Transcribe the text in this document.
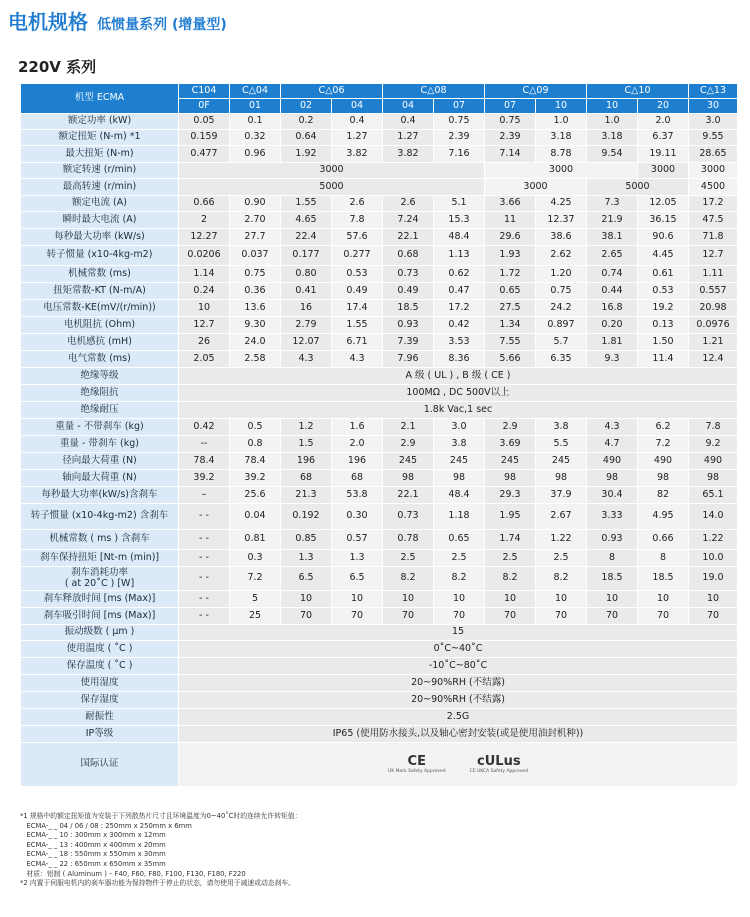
电机规格 低惯量系列 (增量型)
220V 系列
机型 ECMA	C104	C△04	C△06		C△08		C△09		C△10		C△13
	0F	01	02	04	04	07	07	10	10	20	30
额定功率 (kW)	0.05	0.1	0.2	0.4	0.4	0.75	0.75	1.0	1.0	2.0	3.0
额定扭矩 (N-m) *1	0.159	0.32	0.64	1.27	1.27	2.39	2.39	3.18	3.18	6.37	9.55
最大扭矩 (N-m)	0.477	0.96	1.92	3.82	3.82	7.16	7.14	8.78	9.54	19.11	28.65
额定转速 (r/min)	3000						3000			3000	3000
最高转速 (r/min)	5000						3000		5000		4500
额定电流 (A)	0.66	0.90	1.55	2.6	2.6	5.1	3.66	4.25	7.3	12.05	17.2
瞬时最大电流 (A)	2	2.70	4.65	7.8	7.24	15.3	11	12.37	21.9	36.15	47.5
每秒最大功率 (kW/s)	12.27	27.7	22.4	57.6	22.1	48.4	29.6	38.6	38.1	90.6	71.8
转子惯量 (x10-4kg-m2)	0.0206	0.037	0.177	0.277	0.68	1.13	1.93	2.62	2.65	4.45	12.7
机械常数 (ms)	1.14	0.75	0.80	0.53	0.73	0.62	1.72	1.20	0.74	0.61	1.11
扭矩常数-KT (N-m/A)	0.24	0.36	0.41	0.49	0.49	0.47	0.65	0.75	0.44	0.53	0.557
电压常数-KE(mV/(r/min))	10	13.6	16	17.4	18.5	17.2	27.5	24.2	16.8	19.2	20.98
电机阻抗 (Ohm)	12.7	9.30	2.79	1.55	0.93	0.42	1.34	0.897	0.20	0.13	0.0976
电机感抗 (mH)	26	24.0	12.07	6.71	7.39	3.53	7.55	5.7	1.81	1.50	1.21
电气常数 (ms)	2.05	2.58	4.3	4.3	7.96	8.36	5.66	6.35	9.3	11.4	12.4
绝缘等级	A 级 ( UL ) , B 级 ( CE )										
绝缘阻抗	100MΩ , DC 500V以上										
绝缘耐压	1.8k Vac,1 sec										
重量 - 不带刹车 (kg)	0.42	0.5	1.2	1.6	2.1	3.0	2.9	3.8	4.3	6.2	7.8
重量 - 带刹车 (kg)	--	0.8	1.5	2.0	2.9	3.8	3.69	5.5	4.7	7.2	9.2
径向最大荷重 (N)	78.4	78.4	196	196	245	245	245	245	490	490	490
轴向最大荷重 (N)	39.2	39.2	68	68	98	98	98	98	98	98	98
每秒最大功率(kW/s)含刹车	–	25.6	21.3	53.8	22.1	48.4	29.3	37.9	30.4	82	65.1
转子惯量 (x10-4kg-m2) 含刹车	- -	0.04	0.192	0.30	0.73	1.18	1.95	2.67	3.33	4.95	14.0
机械常数 ( ms ) 含刹车	- -	0.81	0.85	0.57	0.78	0.65	1.74	1.22	0.93	0.66	1.22
刹车保持扭矩 [Nt-m (min)]	- -	0.3	1.3	1.3	2.5	2.5	2.5	2.5	8	8	10.0
刹车消耗功率
( at 20˚C ) [W]	- -	7.2	6.5	6.5	8.2	8.2	8.2	8.2	18.5	18.5	19.0
刹车释放时间 [ms (Max)]	- -	5	10	10	10	10	10	10	10	10	10
刹车吸引时间 [ms (Max)]	- -	25	70	70	70	70	70	70	70	70	70
振动级数 ( μm )	15										
使用温度 ( ˚C )	0˚C~40˚C										
保存温度 ( ˚C )	-10˚C~80˚C										
使用湿度	20~90%RH (不结露)										
保存湿度	20~90%RH (不结露)										
耐振性	2.5G										
IP等级	IP65 (使用防水接头,以及轴心密封安装(或是使用油封机种))										
国际认证	CE
UK Mark Safety Approved
cULus
CE UKCA Safety Approved										
*1 规格中的额定扭矩值为安装于下列散热片尺寸且环境温度为0~40˚C时的连续允许转矩值：
ECMA-_ _ 04 / 06 / 08 : 250mm x 250mm x 6mm
ECMA-_ _ 10 : 300mm x 300mm x 12mm
ECMA-_ _ 13 : 400mm x 400mm x 20mm
ECMA-_ _ 18 : 550mm x 550mm x 30mm
ECMA-_ _ 22 : 650mm x 650mm x 35mm
材质：铝制 ( Aluminum ) – F40, F60, F80, F100, F130, F180, F220
*2 内置于伺服电机内的刹车器功能为保持物件于停止的状态，请勿使用于减速或动态刹车。
